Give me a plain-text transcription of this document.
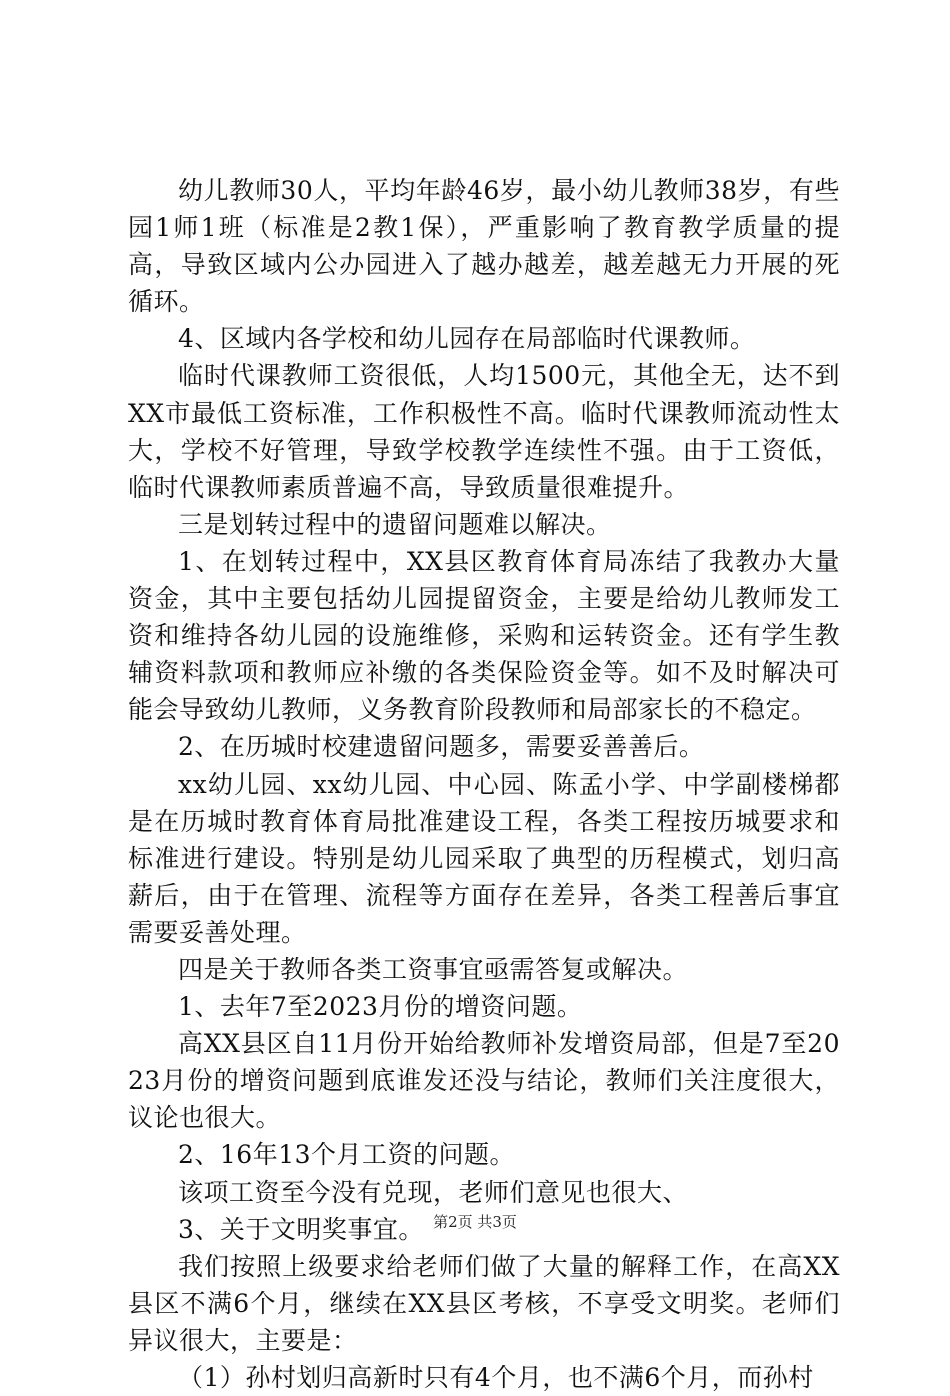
幼儿教师30人，平均年龄46岁，最小幼儿教师38岁，有些园1师1班（标准是2教1保），严重影响了教育教学质量的提高，导致区域内公办园进入了越办越差，越差越无力开展的死循环。

4、区域内各学校和幼儿园存在局部临时代课教师。

临时代课教师工资很低，人均1500元，其他全无，达不到XX市最低工资标准，工作积极性不高。临时代课教师流动性太大，学校不好管理，导致学校教学连续性不强。由于工资低，临时代课教师素质普遍不高，导致质量很难提升。

三是划转过程中的遗留问题难以解决。

1、在划转过程中，XX县区教育体育局冻结了我教办大量资金，其中主要包括幼儿园提留资金，主要是给幼儿教师发工资和维持各幼儿园的设施维修，采购和运转资金。还有学生教辅资料款项和教师应补缴的各类保险资金等。如不及时解决可能会导致幼儿教师，义务教育阶段教师和局部家长的不稳定。

2、在历城时校建遗留问题多，需要妥善善后。

xx幼儿园、xx幼儿园、中心园、陈孟小学、中学副楼梯都是在历城时教育体育局批准建设工程，各类工程按历城要求和标准进行建设。特别是幼儿园采取了典型的历程模式，划归高薪后，由于在管理、流程等方面存在差异，各类工程善后事宜需要妥善处理。

四是关于教师各类工资事宜亟需答复或解决。

1、去年7至2023月份的增资问题。

高XX县区自11月份开始给教师补发增资局部，但是7至2023月份的增资问题到底谁发还没与结论，教师们关注度很大，议论也很大。

2、16年13个月工资的问题。

该项工资至今没有兑现，老师们意见也很大、

3、关于文明奖事宜。

我们按照上级要求给老师们做了大量的解释工作，在高XX县区不满6个月，继续在XX县区考核，不享受文明奖。老师们异议很大，主要是：

（1）孙村划归高新时只有4个月，也不满6个月，而孙村

第2页 共3页
